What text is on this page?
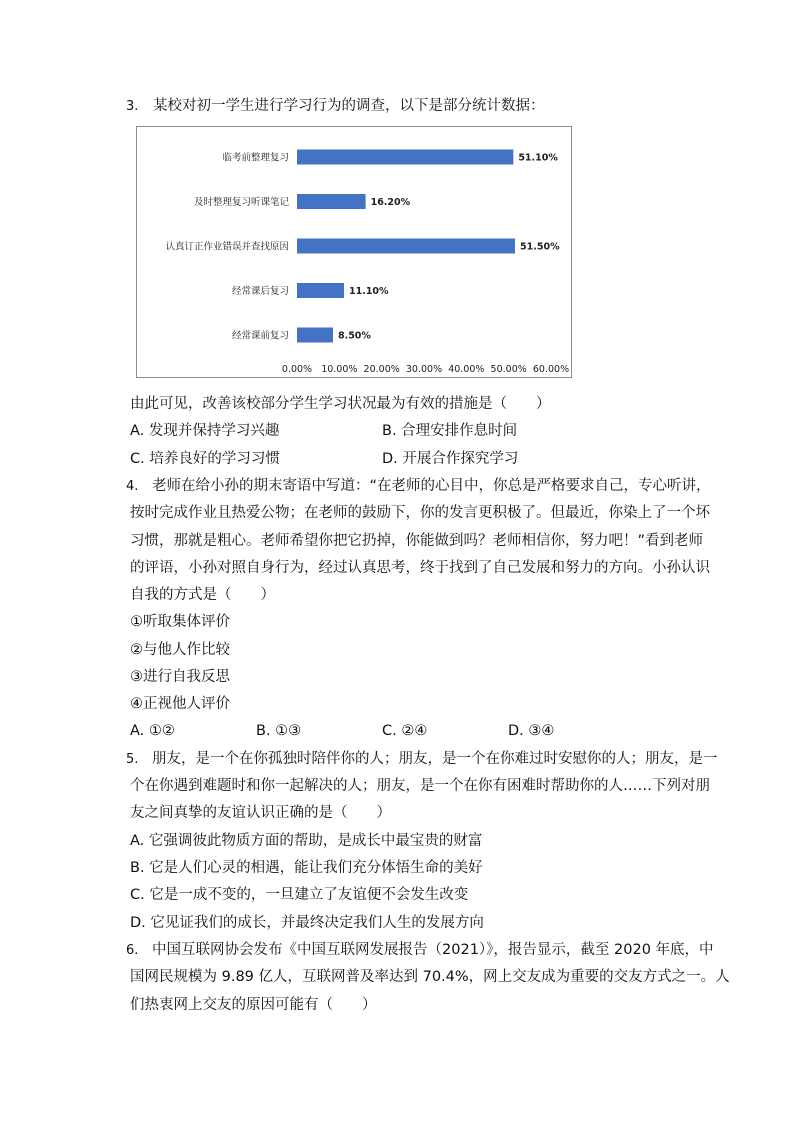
3. 某校对初一学生进行学习行为的调查，以下是部分统计数据：
临考前整理复习	51.10%
及时整理复习听课笔记	16.20%
认真订正作业错误并查找原因	51.50%
经常课后复习	11.10%
经常课前复习	8.50%
0.00% 10.00% 20.00% 30.00% 40.00% 50.00% 60.00%
由此可见，改善该校部分学生学习状况最为有效的措施是（　　）
A. 发现并保持学习兴趣	B. 合理安排作息时间
C. 培养良好的学习习惯	D. 开展合作探究学习
4. 老师在给小孙的期末寄语中写道：“在老师的心目中，你总是严格要求自己，专心听讲，
按时完成作业且热爱公物；在老师的鼓励下，你的发言更积极了。但最近，你染上了一个坏
习惯，那就是粗心。老师希望你把它扔掉，你能做到吗？老师相信你，努力吧！”看到老师
的评语，小孙对照自身行为，经过认真思考，终于找到了自己发展和努力的方向。小孙认识
自我的方式是（　　）
①听取集体评价
②与他人作比较
③进行自我反思
④正视他人评价
A. ①②	B. ①③	C. ②④	D. ③④
5. 朋友，是一个在你孤独时陪伴你的人；朋友，是一个在你难过时安慰你的人；朋友，是一
个在你遇到难题时和你一起解决的人；朋友，是一个在你有困难时帮助你的人……下列对朋
友之间真挚的友谊认识正确的是（　　）
A. 它强调彼此物质方面的帮助，是成长中最宝贵的财富
B. 它是人们心灵的相遇，能让我们充分体悟生命的美好
C. 它是一成不变的，一旦建立了友谊便不会发生改变
D. 它见证我们的成长，并最终决定我们人生的发展方向
6. 中国互联网协会发布《中国互联网发展报告（2021）》，报告显示，截至 2020 年底，中
国网民规模为 9.89 亿人，互联网普及率达到 70.4%，网上交友成为重要的交友方式之一。人
们热衷网上交友的原因可能有（　　）
